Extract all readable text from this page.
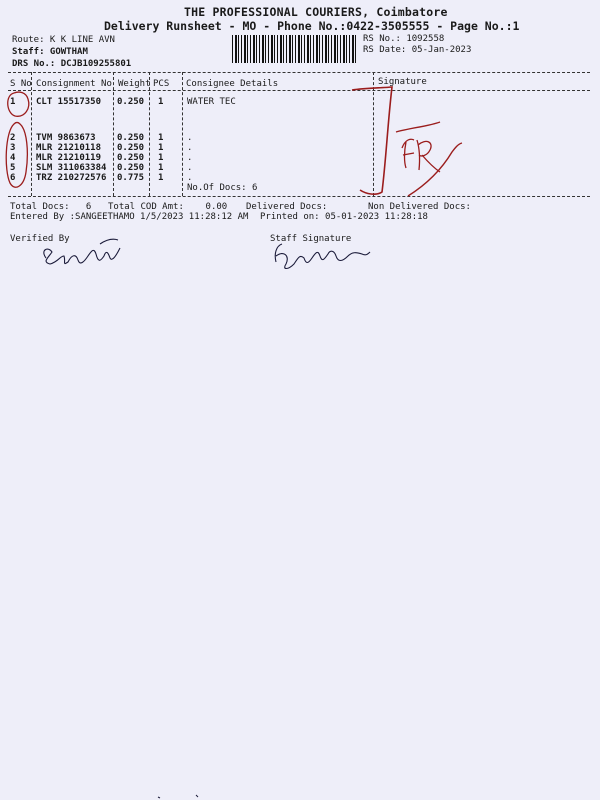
THE PROFESSIONAL COURIERS, Coimbatore
Delivery Runsheet - MO - Phone No.:0422-3505555 - Page No.:1
Route: K K LINE AVN
Staff: GOWTHAM
DRS No.: DCJB109255801
RS No.: 1092558
RS Date: 05-Jan-2023
S No Consignment No Weight PCS Consignee Details	Signature
1 CLT 15517350 0.250 1	WATER TEC
2 TVM 9863673 0.250 1	.
3 MLR 21210118 0.250 1	.
4 MLR 21210119 0.250 1	.
5 SLM 311063384 0.250 1	.
6 TRZ 210272576 0.775 1	.
No.Of Docs: 6
Total Docs:   6 Total COD Amt:    0.00 Delivered Docs:	Non Delivered Docs:
Entered By :SANGEETHAMO 1/5/2023 11:28:12 AM Printed on: 05-01-2023 11:28:18
Verified By	Staff Signature
